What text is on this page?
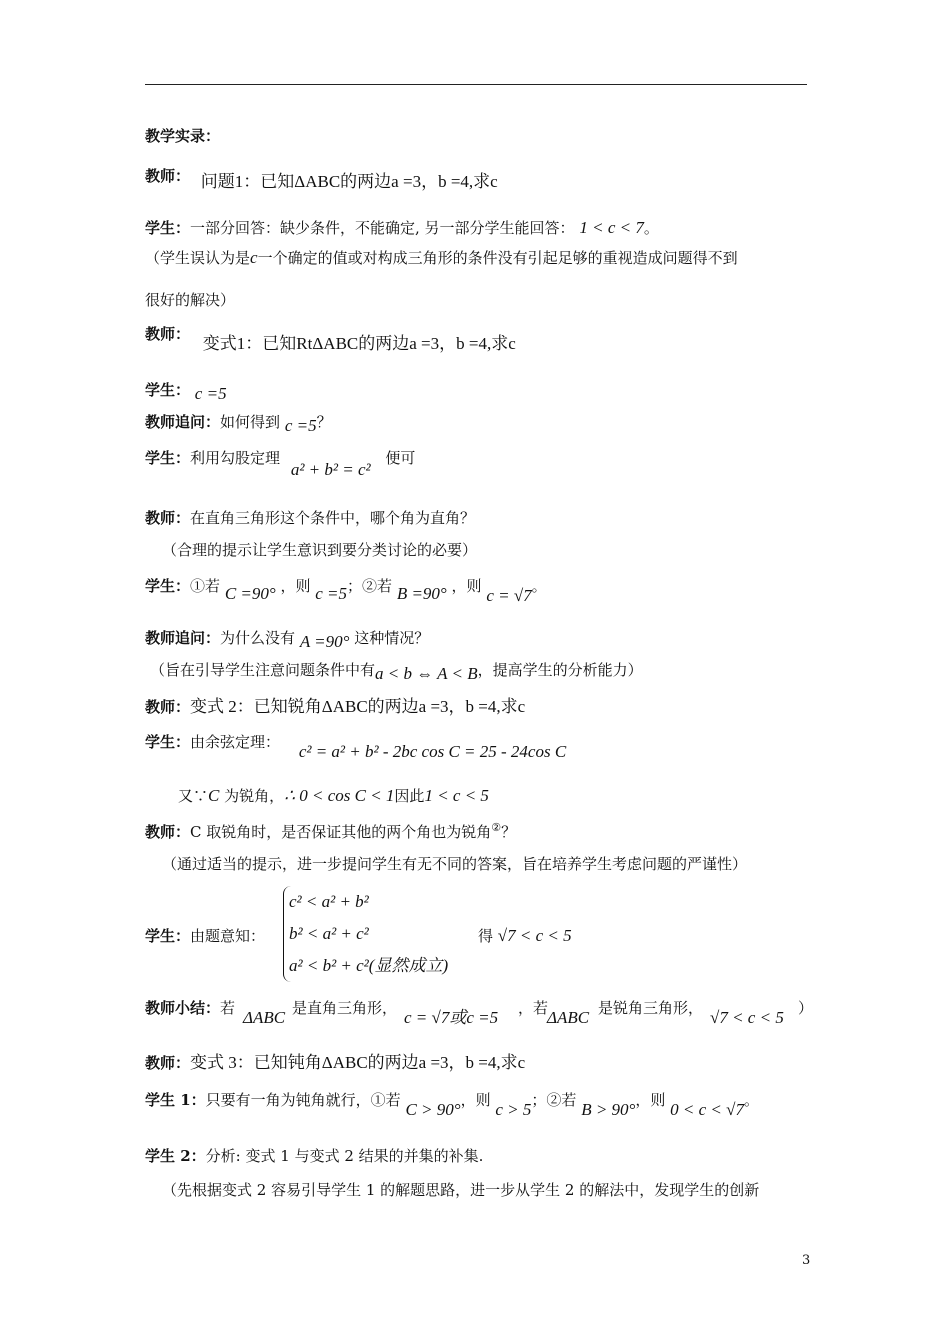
教学实录：
教师： 问题1：已知ΔABC的两边a =3，b =4,求c
学生：一部分回答：缺少条件，不能确定, 另一部分学生能回答： 1 < c < 7。
（学生误认为是c一个确定的值或对构成三角形的条件没有引起足够的重视造成问题得不到
很好的解决）
教师： 变式1：已知RtΔABC的两边a =3，b =4,求c
学生： c =5
教师追问：如何得到 c =5？
学生：利用勾股定理 a² + b² = c² 便可
教师：在直角三角形这个条件中，哪个角为直角？
（合理的提示让学生意识到要分类讨论的必要）
学生：①若 C =90° ，则 c =5；②若 B =90° ，则 c = √7。
教师追问：为什么没有 A =90° 这种情况？
（旨在引导学生注意问题条件中有a < b ⇔ A < B，提高学生的分析能力）
教师：变式 2：已知锐角ΔABC的两边a =3，b =4,求c
学生：由余弦定理： c² = a² + b² - 2bc cos C = 25 - 24cos C
又∵C 为锐角，∴ 0 < cos C < 1因此1 < c < 5
教师：C 取锐角时，是否保证其他的两个角也为锐角②？
（通过适当的提示，进一步提问学生有无不同的答案，旨在培养学生考虑问题的严谨性）
c² < a² + b²
b² < a² + c²
a² < b² + c²(显然成立)
学生：由题意知：	得 √7 < c < 5
教师小结：若 ΔABC 是直角三角形， c = √7或c =5 ，若
ΔABC 是锐角三角形， √7 < c < 5 ）
教师：变式 3：已知钝角ΔABC的两边a =3，b =4,求c
学生 1：只要有一角为钝角就行，①若 C > 90°，则 c > 5；②若 B > 90°，则 0 < c < √7。
学生 2：分析: 变式 1 与变式 2 结果的并集的补集.
（先根据变式 2 容易引导学生 1 的解题思路，进一步从学生 2 的解法中，发现学生的创新
3
